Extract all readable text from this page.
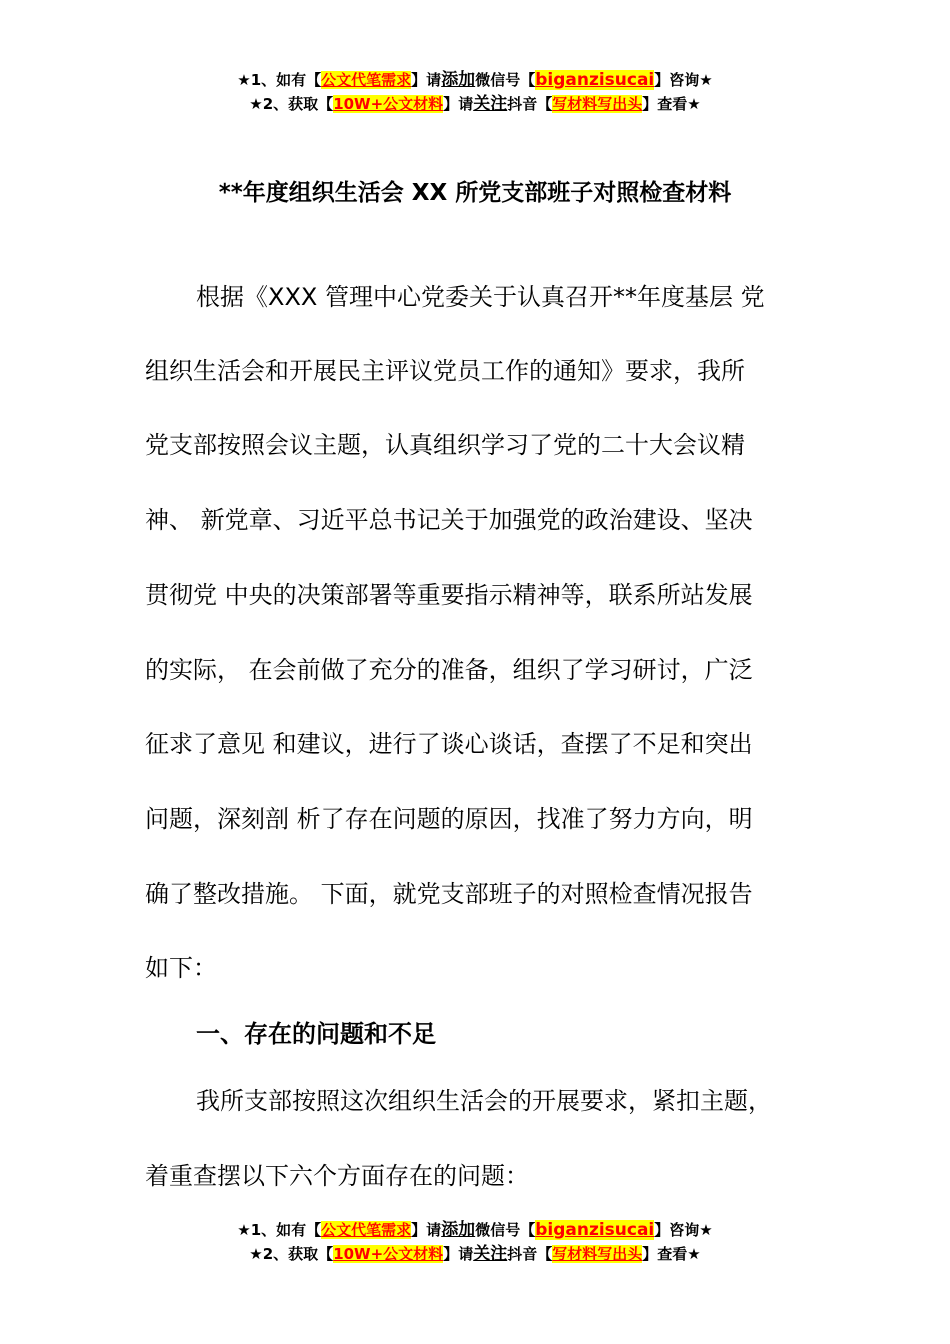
★1、如有【公文代笔需求】请添加微信号【biganzisucai】咨询★
★2、获取【10W+公文材料】请关注抖音【写材料写出头】查看★
**年度组织生活会 XX 所党支部班子对照检查材料
根据《XXX 管理中心党委关于认真召开**年度基层 党
组织生活会和开展民主评议党员工作的通知》要求，我所
党支部按照会议主题，认真组织学习了党的二十大会议精
神、 新党章、习近平总书记关于加强党的政治建设、坚决
贯彻党 中央的决策部署等重要指示精神等，联系所站发展
的实际， 在会前做了充分的准备，组织了学习研讨，广泛
征求了意见 和建议，进行了谈心谈话，查摆了不足和突出
问题，深刻剖 析了存在问题的原因，找准了努力方向，明
确了整改措施。 下面，就党支部班子的对照检查情况报告
如下：
一、存在的问题和不足
我所支部按照这次组织生活会的开展要求，紧扣主题，
着重查摆以下六个方面存在的问题：
★1、如有【公文代笔需求】请添加微信号【biganzisucai】咨询★
★2、获取【10W+公文材料】请关注抖音【写材料写出头】查看★
